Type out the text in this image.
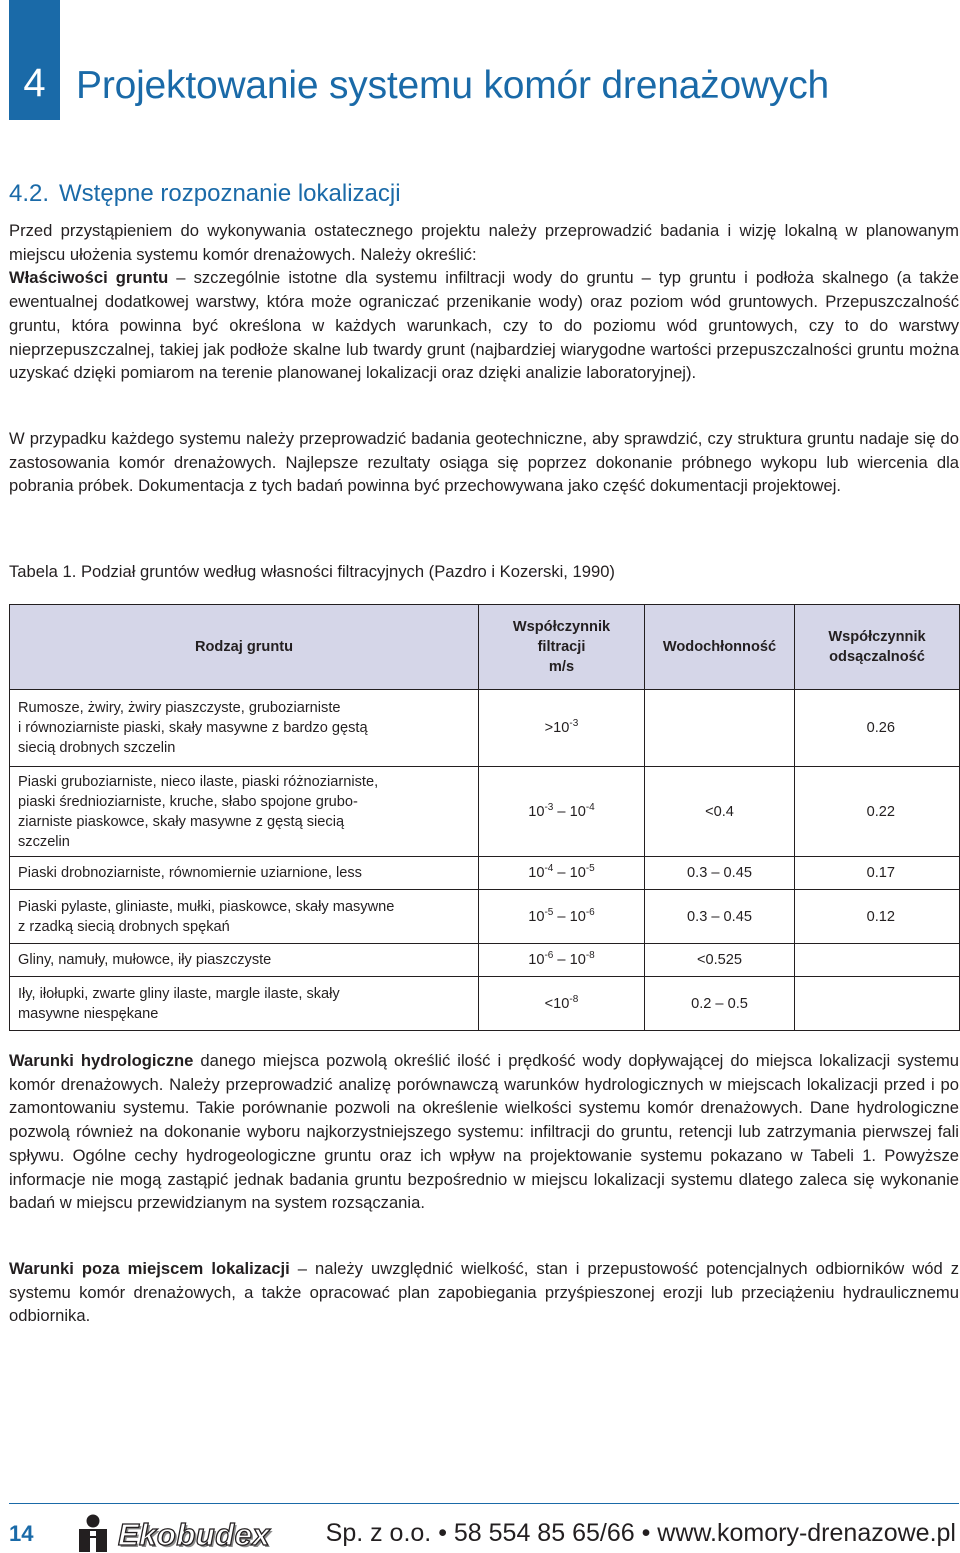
4 Projektowanie systemu komór drenażowych
4.2. Wstępne rozpoznanie lokalizacji

Przed przystąpieniem do wykonywania ostatecznego projektu należy przeprowadzić badania i wizję lokalną w planowanym miejscu ułożenia systemu komór drenażowych. Należy określić:
Właściwości gruntu – szczególnie istotne dla systemu infiltracji wody do gruntu – typ gruntu i podłoża skalnego (a także ewentualnej dodatkowej warstwy, która może ograniczać przenikanie wody) oraz poziom wód gruntowych. Przepuszczalność gruntu, która powinna być określona w każdych warunkach, czy to do poziomu wód gruntowych, czy to do warstwy nieprzepuszczalnej, takiej jak podłoże skalne lub twardy grunt (najbardziej wiarygodne wartości przepuszczalności gruntu można uzyskać dzięki pomiarom na terenie planowanej lokalizacji oraz dzięki analizie laboratoryjnej).

W przypadku każdego systemu należy przeprowadzić badania geotechniczne, aby sprawdzić, czy struktura gruntu nadaje się do zastosowania komór drenażowych. Najlepsze rezultaty osiąga się poprzez dokonanie próbnego wykopu lub wiercenia dla pobrania próbek. Dokumentacja z tych badań powinna być przechowywana jako część dokumentacji projektowej.

Tabela 1. Podział gruntów według własności filtracyjnych (Pazdro i Kozerski, 1990)
Rodzaj gruntu	Współczynnik
filtracji
m/s	Wodochłonność	Współczynnik
odsączalność
Rumosze, żwiry, żwiry piaszczyste, gruboziarniste
i równoziarniste piaski, skały masywne z bardzo gęstą
siecią drobnych szczelin	$>10^{-3}$		0.26
Piaski gruboziarniste, nieco ilaste, piaski różnoziarniste,
piaski średnioziarniste, kruche, słabo spojone grubo-
ziarniste piaskowce, skały masywne z gęstą siecią
szczelin	$10^{-3} - 10^{-4}$	<0.4	0.22
Piaski drobnoziarniste, równomiernie uziarnione, less	$10^{-4} - 10^{-5}$	0.3 – 0.45	0.17
Piaski pylaste, gliniaste, mułki, piaskowce, skały masywne
z rzadką siecią drobnych spękań	$10^{-5} - 10^{-6}$	0.3 – 0.45	0.12
Gliny, namuły, mułowce, iły piaszczyste	$10^{-6} - 10^{-8}$	<0.525	
Iły, iłołupki, zwarte gliny ilaste, margle ilaste, skały
masywne niespękane	$<10^{-8}$	0.2 – 0.5	

Warunki hydrologiczne danego miejsca pozwolą określić ilość i prędkość wody dopływającej do miejsca lokalizacji systemu komór drenażowych. Należy przeprowadzić analizę porównawczą warunków hydrologicznych w miejscach lokalizacji przed i po zamontowaniu systemu. Takie porównanie pozwoli na określenie wielkości systemu komór drenażowych. Dane hydrologiczne pozwolą również na dokonanie wyboru najkorzystniejszego systemu: infiltracji do gruntu, retencji lub zatrzymania pierwszej fali spływu. Ogólne cechy hydrogeologiczne gruntu oraz ich wpływ na projektowanie systemu pokazano w Tabeli 1. Powyższe informacje nie mogą zastąpić jednak badania gruntu bezpośrednio w miejscu lokalizacji systemu dlatego zaleca się wykonanie badań w miejscu przewidzianym na system rozsączania.

Warunki poza miejscem lokalizacji – należy uwzględnić wielkość, stan i przepustowość potencjalnych odbiorników wód z systemu komór drenażowych, a także opracować plan zapobiegania przyśpieszonej erozji lub przeciążeniu hydraulicznemu odbiornika.

14	Ekobudex Sp. z o.o. • 58 554 85 65/66 • www.komory-drenazowe.pl
